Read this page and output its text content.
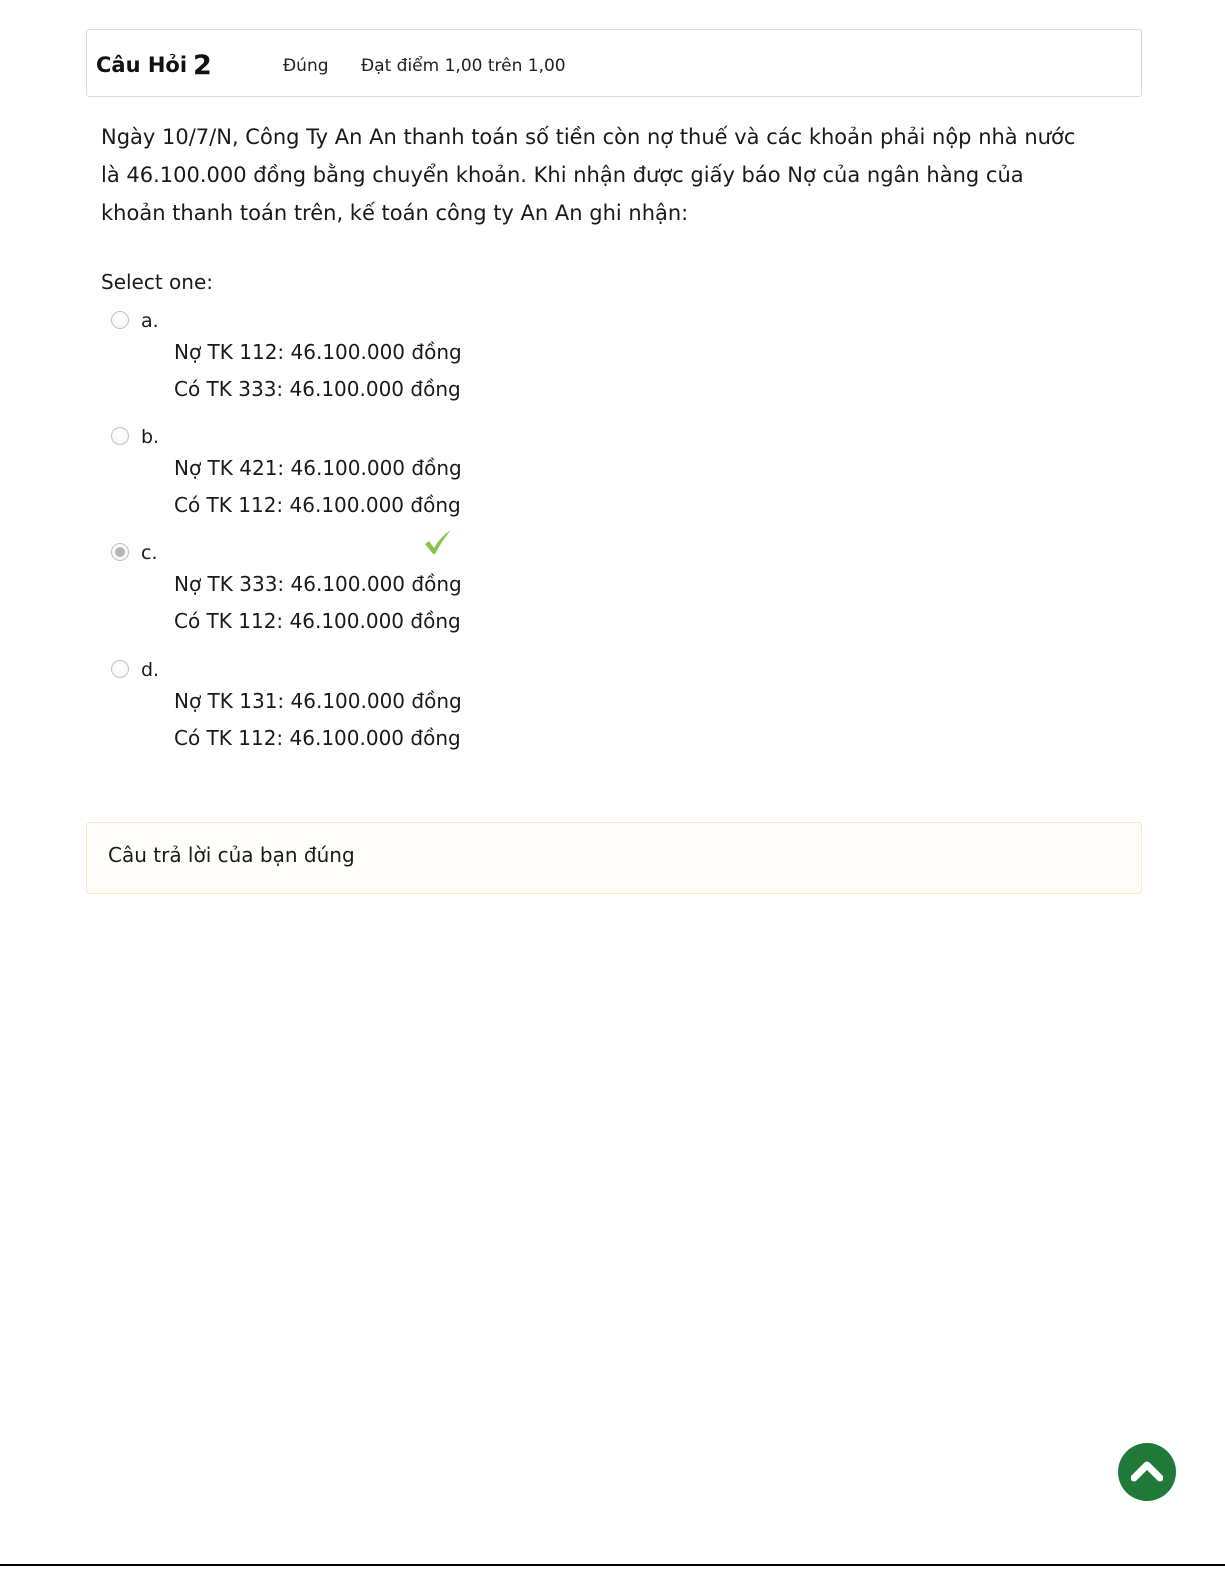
Câu Hỏi 2	Đúng Đạt điểm 1,00 trên 1,00

Ngày 10/7/N, Công Ty An An thanh toán số tiền còn nợ thuế và các khoản phải nộp nhà nước là 46.100.000 đồng bằng chuyển khoản. Khi nhận được giấy báo Nợ của ngân hàng của khoản thanh toán trên, kế toán công ty An An ghi nhận:

Select one:
a.
Nợ TK 112: 46.100.000 đồng
Có TK 333: 46.100.000 đồng
b.
Nợ TK 421: 46.100.000 đồng
Có TK 112: 46.100.000 đồng
c.
Nợ TK 333: 46.100.000 đồng
Có TK 112: 46.100.000 đồng
d.
Nợ TK 131: 46.100.000 đồng
Có TK 112: 46.100.000 đồng
Câu trả lời của bạn đúng
